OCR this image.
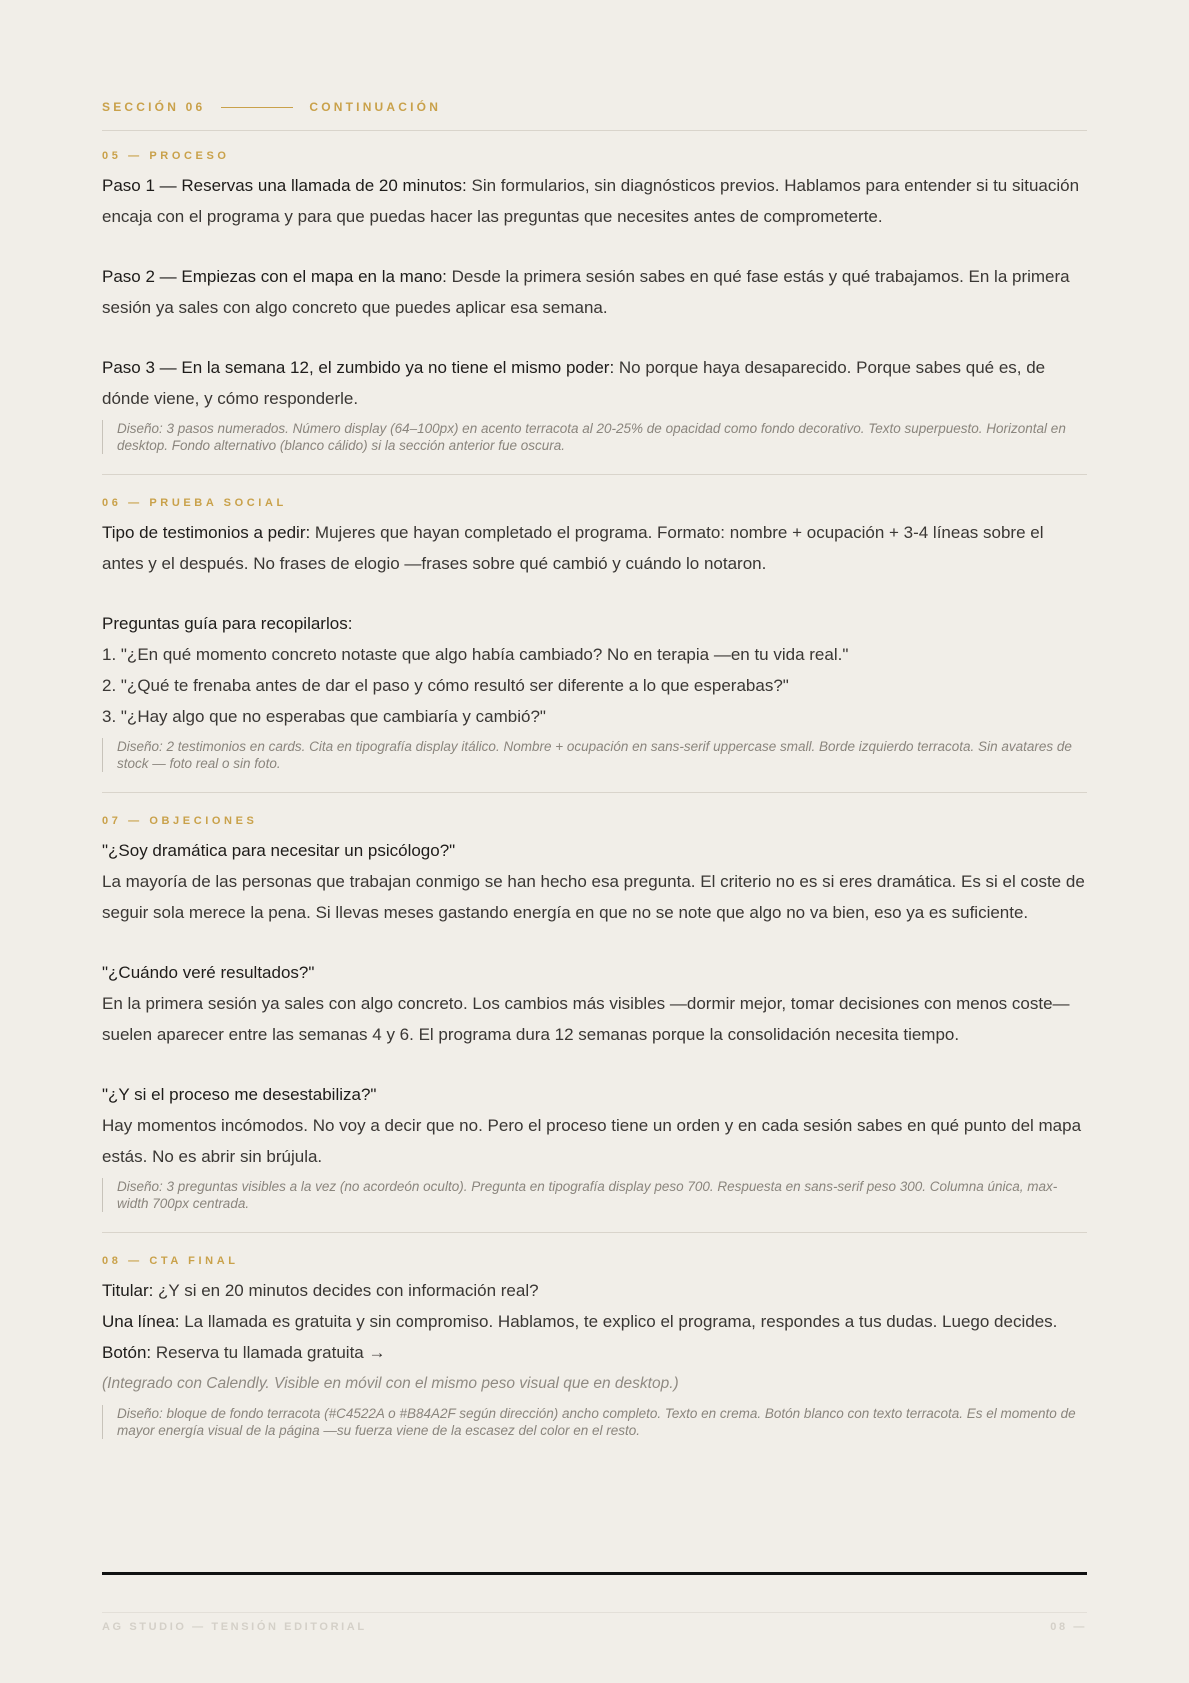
SECCIÓN 06	CONTINUACIÓN
05 — PROCESO

Paso 1 — Reservas una llamada de 20 minutos: Sin formularios, sin diagnósticos previos. Hablamos para entender si tu situación encaja con el programa y para que puedas hacer las preguntas que necesites antes de comprometerte.

Paso 2 — Empiezas con el mapa en la mano: Desde la primera sesión sabes en qué fase estás y qué trabajamos. En la primera sesión ya sales con algo concreto que puedes aplicar esa semana.

Paso 3 — En la semana 12, el zumbido ya no tiene el mismo poder: No porque haya desaparecido. Porque sabes qué es, de dónde viene, y cómo responderle.

Diseño: 3 pasos numerados. Número display (64–100px) en acento terracota al 20-25% de opacidad como fondo decorativo. Texto superpuesto. Horizontal en desktop. Fondo alternativo (blanco cálido) si la sección anterior fue oscura.
06 — PRUEBA SOCIAL

Tipo de testimonios a pedir: Mujeres que hayan completado el programa. Formato: nombre + ocupación + 3-4 líneas sobre el antes y el después. No frases de elogio —frases sobre qué cambió y cuándo lo notaron.

Preguntas guía para recopilarlos:

1. "¿En qué momento concreto notaste que algo había cambiado? No en terapia —en tu vida real."

2. "¿Qué te frenaba antes de dar el paso y cómo resultó ser diferente a lo que esperabas?"

3. "¿Hay algo que no esperabas que cambiaría y cambió?"

Diseño: 2 testimonios en cards. Cita en tipografía display itálico. Nombre + ocupación en sans-serif uppercase small. Borde izquierdo terracota. Sin avatares de stock — foto real o sin foto.
07 — OBJECIONES

"¿Soy dramática para necesitar un psicólogo?"

La mayoría de las personas que trabajan conmigo se han hecho esa pregunta. El criterio no es si eres dramática. Es si el coste de seguir sola merece la pena. Si llevas meses gastando energía en que no se note que algo no va bien, eso ya es suficiente.

"¿Cuándo veré resultados?"

En la primera sesión ya sales con algo concreto. Los cambios más visibles —dormir mejor, tomar decisiones con menos coste— suelen aparecer entre las semanas 4 y 6. El programa dura 12 semanas porque la consolidación necesita tiempo.

"¿Y si el proceso me desestabiliza?"

Hay momentos incómodos. No voy a decir que no. Pero el proceso tiene un orden y en cada sesión sabes en qué punto del mapa estás. No es abrir sin brújula.

Diseño: 3 preguntas visibles a la vez (no acordeón oculto). Pregunta en tipografía display peso 700. Respuesta en sans-serif peso 300. Columna única, max-width 700px centrada.
08 — CTA FINAL

Titular: ¿Y si en 20 minutos decides con información real?

Una línea: La llamada es gratuita y sin compromiso. Hablamos, te explico el programa, respondes a tus dudas. Luego decides.

Botón: Reserva tu llamada gratuita →

(Integrado con Calendly. Visible en móvil con el mismo peso visual que en desktop.)

Diseño: bloque de fondo terracota (#C4522A o #B84A2F según dirección) ancho completo. Texto en crema. Botón blanco con texto terracota. Es el momento de mayor energía visual de la página —su fuerza viene de la escasez del color en el resto.
AG STUDIO — TENSIÓN EDITORIAL	08 —
